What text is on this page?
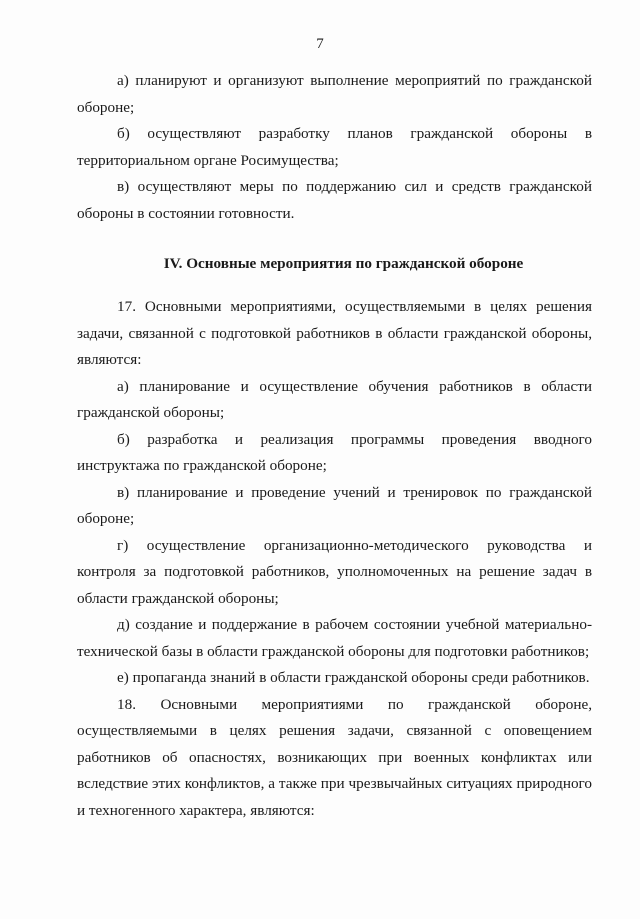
7

а) планируют и организуют выполнение мероприятий по гражданской обороне;

б) осуществляют разработку планов гражданской обороны в территориальном органе Росимущества;

в) осуществляют меры по поддержанию сил и средств гражданской обороны в состоянии готовности.

IV. Основные мероприятия по гражданской обороне

17. Основными мероприятиями, осуществляемыми в целях решения задачи, связанной с подготовкой работников в области гражданской обороны, являются:

а) планирование и осуществление обучения работников в области гражданской обороны;

б) разработка и реализация программы проведения вводного инструктажа по гражданской обороне;

в) планирование и проведение учений и тренировок по гражданской обороне;

г) осуществление организационно-методического руководства и контроля за подготовкой работников, уполномоченных на решение задач в области гражданской обороны;

д) создание и поддержание в рабочем состоянии учебной материально-технической базы в области гражданской обороны для подготовки работников;

е) пропаганда знаний в области гражданской обороны среди работников.

18. Основными мероприятиями по гражданской обороне, осуществляемыми в целях решения задачи, связанной с оповещением работников об опасностях, возникающих при военных конфликтах или вследствие этих конфликтов, а также при чрезвычайных ситуациях природного и техногенного характера, являются:
